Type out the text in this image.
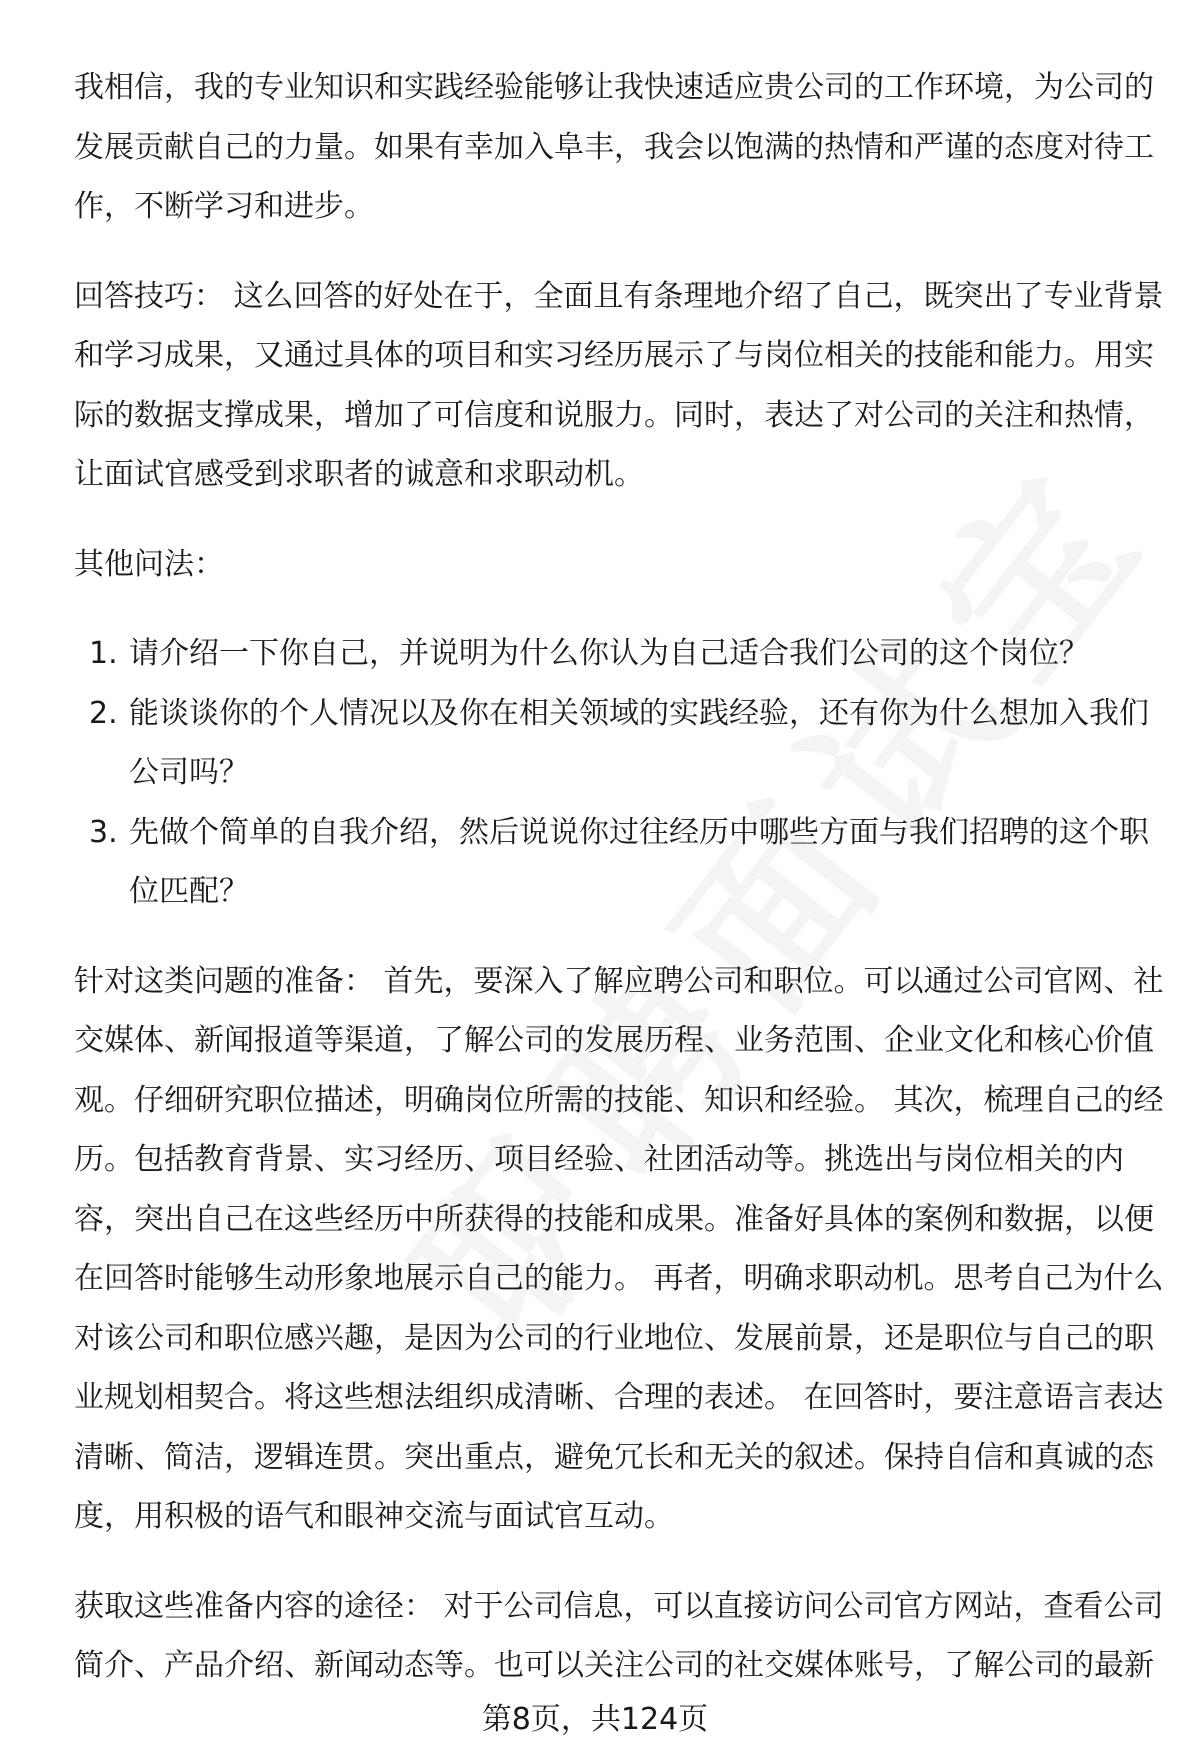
我相信，我的专业知识和实践经验能够让我快速适应贵公司的工作环境，为公司的发展贡献自己的力量。如果有幸加入阜丰，我会以饱满的热情和严谨的态度对待工作，不断学习和进步。

回答技巧： 这么回答的好处在于，全面且有条理地介绍了自己，既突出了专业背景和学习成果，又通过具体的项目和实习经历展示了与岗位相关的技能和能力。用实际的数据支撑成果，增加了可信度和说服力。同时，表达了对公司的关注和热情，让面试官感受到求职者的诚意和求职动机。

其他问法：

1. 请介绍一下你自己，并说明为什么你认为自己适合我们公司的这个岗位？
2. 能谈谈你的个人情况以及你在相关领域的实践经验，还有你为什么想加入我们公司吗？
3. 先做个简单的自我介绍，然后说说你过往经历中哪些方面与我们招聘的这个职位匹配？

针对这类问题的准备： 首先，要深入了解应聘公司和职位。可以通过公司官网、社交媒体、新闻报道等渠道，了解公司的发展历程、业务范围、企业文化和核心价值观。仔细研究职位描述，明确岗位所需的技能、知识和经验。 其次，梳理自己的经历。包括教育背景、实习经历、项目经验、社团活动等。挑选出与岗位相关的内容，突出自己在这些经历中所获得的技能和成果。准备好具体的案例和数据，以便在回答时能够生动形象地展示自己的能力。 再者，明确求职动机。思考自己为什么对该公司和职位感兴趣，是因为公司的行业地位、发展前景，还是职位与自己的职业规划相契合。将这些想法组织成清晰、合理的表述。 在回答时，要注意语言表达清晰、简洁，逻辑连贯。突出重点，避免冗长和无关的叙述。保持自信和真诚的态度，用积极的语气和眼神交流与面试官互动。

获取这些准备内容的途径： 对于公司信息，可以直接访问公司官方网站，查看公司简介、产品介绍、新闻动态等。也可以关注公司的社交媒体账号，了解公司的最新

第8页，共124页
